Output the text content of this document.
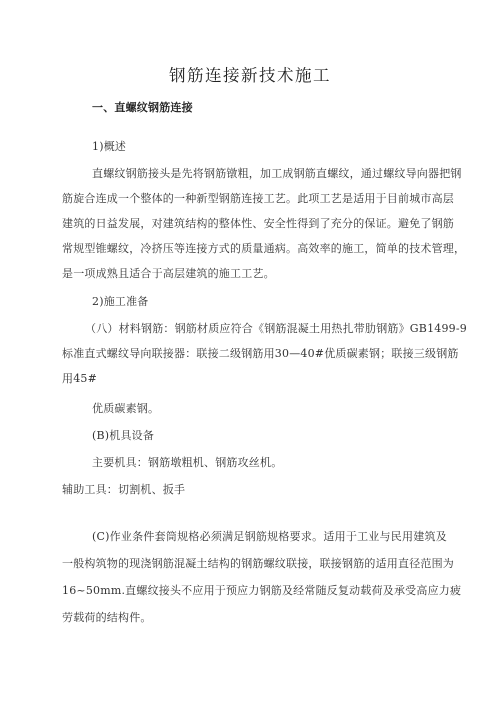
钢筋连接新技术施工
一、直螺纹钢筋连接
1)概述
直螺纹钢筋接头是先将钢筋镦粗，加工成钢筋直螺纹，通过螺纹导向器把钢
筋旋合连成一个整体的一种新型钢筋连接工艺。此项工艺是适用于目前城市高层
建筑的日益发展，对建筑结构的整体性、安全性得到了充分的保证。避免了钢筋
常规型锥螺纹，冷挤压等连接方式的质量通病。高效率的施工，简单的技术管理，
是一项成熟且适合于高层建筑的施工工艺。
2)施工准备
（八）材料钢筋：钢筋材质应符合《钢筋混凝土用热扎带肋钢筋》GB1499-9
标准直式螺纹导向联接器：联接二级钢筋用30—40#优质碳素钢；联接三级钢筋
用45#
优质碳素钢。
(B)机具设备
主要机具：钢筋墩粗机、钢筋攻丝机。
辅助工具：切割机、扳手
(C)作业条件套筒规格必须满足钢筋规格要求。适用于工业与民用建筑及
一般构筑物的现浇钢筋混凝土结构的钢筋螺纹联接，联接钢筋的适用直径范围为
16~50mm.直螺纹接头不应用于预应力钢筋及经常随反复动载荷及承受高应力疲
劳载荷的结构件。
